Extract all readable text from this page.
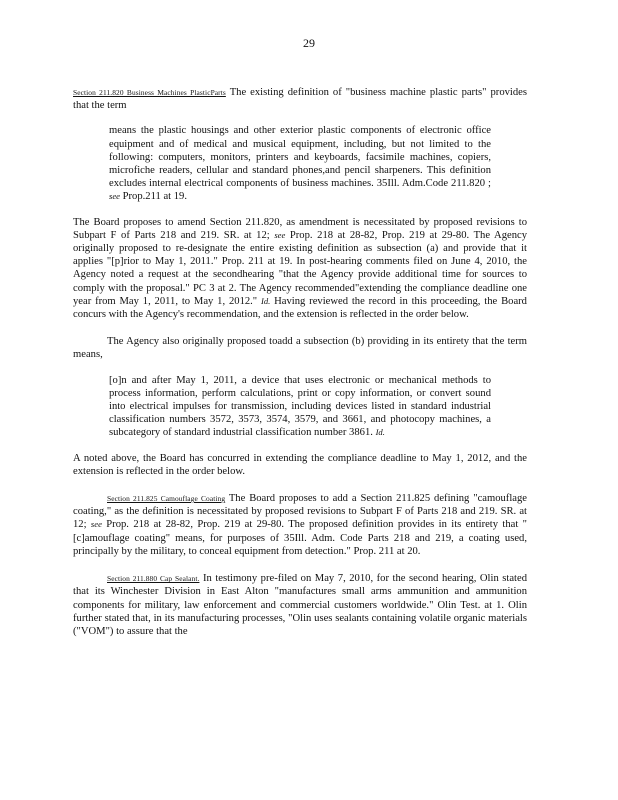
29

Section 211.820 Business Machines PlasticParts The existing definition of "business machine plastic parts" provides that the term

means the plastic housings and other exterior plastic components of electronic office equipment and of medical and musical equipment, including, but not limited to the following: computers, monitors, printers and keyboards, facsimile machines, copiers, microfiche readers, cellular and standard phones,and pencil sharpeners. This definition excludes internal electrical components of business machines. 35Ill. Adm.Code 211.820 ; see Prop.211 at 19.

The Board proposes to amend Section 211.820, as amendment is necessitated by proposed revisions to Subpart F of Parts 218 and 219. SR. at 12; see Prop. 218 at 28-82, Prop. 219 at 29-80. The Agency originally proposed to re-designate the entire existing definition as subsection (a) and provide that it applies "[p]rior to May 1, 2011." Prop. 211 at 19. In post-hearing comments filed on June 4, 2010, the Agency noted a request at the secondhearing "that the Agency provide additional time for sources to comply with the proposal." PC 3 at 2. The Agency recommended"extending the compliance deadline one year from May 1, 2011, to May 1, 2012." Id. Having reviewed the record in this proceeding, the Board concurs with the Agency's recommendation, and the extension is reflected in the order below.

The Agency also originally proposed toadd a subsection (b) providing in its entirety that the term means,

[o]n and after May 1, 2011, a device that uses electronic or mechanical methods to process information, perform calculations, print or copy information, or convert sound into electrical impulses for transmission, including devices listed in standard industrial classification numbers 3572, 3573, 3574, 3579, and 3661, and photocopy machines, a subcategory of standard industrial classification number 3861. Id.

A noted above, the Board has concurred in extending the compliance deadline to May 1, 2012, and the extension is reflected in the order below.

Section 211.825 Camouflage Coating The Board proposes to add a Section 211.825 defining "camouflage coating," as the definition is necessitated by proposed revisions to Subpart F of Parts 218 and 219. SR. at 12; see Prop. 218 at 28-82, Prop. 219 at 29-80. The proposed definition provides in its entirety that "[c]amouflage coating" means, for purposes of 35Ill. Adm. Code Parts 218 and 219, a coating used, principally by the military, to conceal equipment from detection." Prop. 211 at 20.

Section 211.880 Cap Sealant. In testimony pre-filed on May 7, 2010, for the second hearing, Olin stated that its Winchester Division in East Alton "manufactures small arms ammunition and ammunition components for military, law enforcement and commercial customers worldwide." Olin Test. at 1. Olin further stated that, in its manufacturing processes, "Olin uses sealants containing volatile organic materials ("VOM") to assure that the
